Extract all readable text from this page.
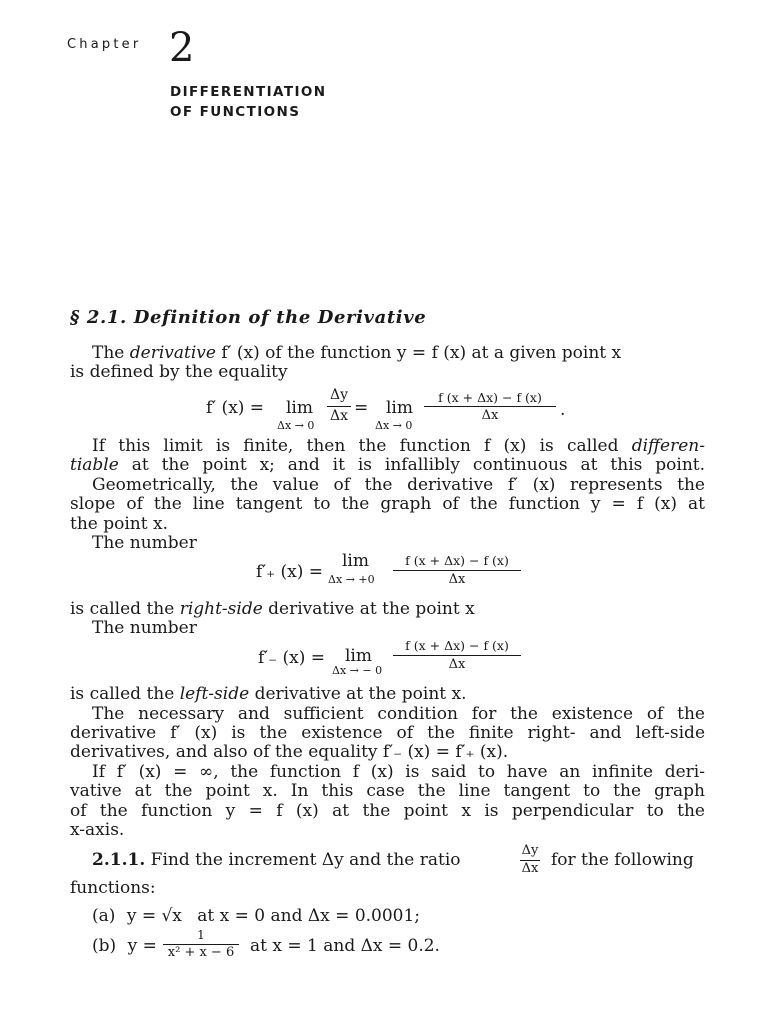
Chapter 2
DIFFERENTIATION
OF FUNCTIONS
§ 2.1. Definition of the Derivative
The derivative f′ (x) of the function y = f (x) at a given point x
is defined by the equality
f′ (x) = lim
Δx → 0
Δy
Δx = lim
Δx → 0
f (x + Δx) − f (x)
Δx	.
If this limit is finite, then the function f (x) is called differen-
tiable at the point x; and it is infallibly continuous at this point.
Geometrically, the value of the derivative f′ (x) represents the
slope of the line tangent to the graph of the function y = f (x) at
the point x.
The number
f′₊ (x) =
lim
Δx → +0
f (x + Δx) − f (x)
Δx
is called the right-side derivative at the point x
The number
f′₋ (x) = lim
Δx → − 0
f (x + Δx) − f (x)
Δx
is called the left-side derivative at the point x.
The necessary and sufficient condition for the existence of the
derivative f′ (x) is the existence of the finite right- and left-side
derivatives, and also of the equality f′₋ (x) = f′₊ (x).
If f′ (x) = ∞, the function f (x) is said to have an infinite deri-
vative at the point x. In this case the line tangent to the graph
of the function y = f (x) at the point x is perpendicular to the
x-axis.
2.1.1. Find the increment Δy and the ratio	Δy
Δx for the following
functions:
(a) y = √x at x = 0 and Δx = 0.0001;
(b) y =
1
x² + x − 6 at x = 1 and Δx = 0.2.
